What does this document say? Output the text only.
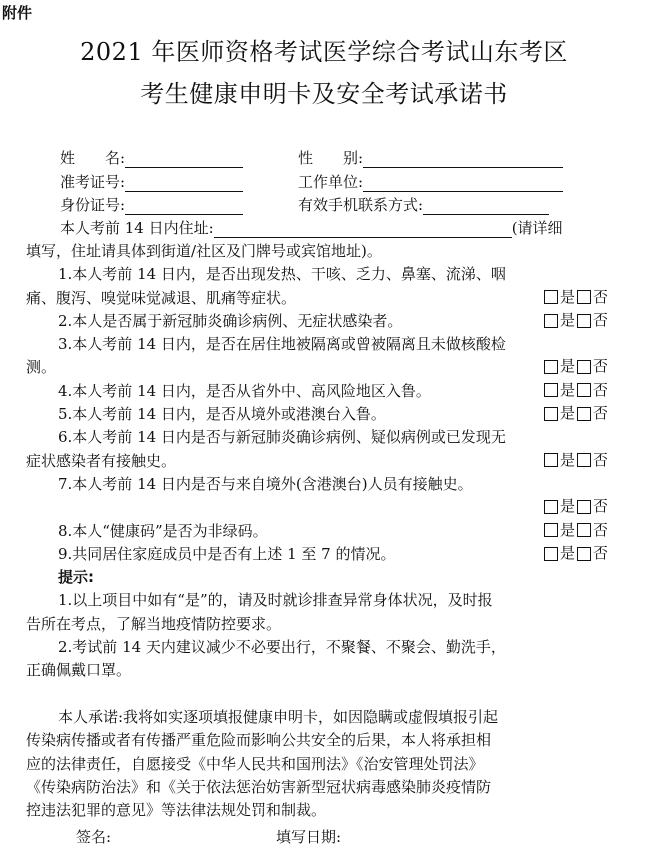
附件
2021 年医师资格考试医学综合考试山东考区
考生健康申明卡及安全考试承诺书
姓　　名:	性　　别:
准考证号:	工作单位:
身份证号:	有效手机联系方式:
本人考前 14 日内住址:	(请详细

填写，住址请具体到街道/社区及门牌号或宾馆地址)。

1.本人考前 14 日内，是否出现发热、干咳、乏力、鼻塞、流涕、咽

痛、腹泻、嗅觉味觉减退、肌痛等症状。	是 否

2.本人是否属于新冠肺炎确诊病例、无症状感染者。	是 否

3.本人考前 14 日内，是否在居住地被隔离或曾被隔离且未做核酸检

测。	是 否

4.本人考前 14 日内，是否从省外中、高风险地区入鲁。	是 否

5.本人考前 14 日内，是否从境外或港澳台入鲁。	是 否

6.本人考前 14 日内是否与新冠肺炎确诊病例、疑似病例或已发现无

症状感染者有接触史。	是 否

7.本人考前 14 日内是否与来自境外(含港澳台)人员有接触史。

是 否

8.本人“健康码”是否为非绿码。	是 否

9.共同居住家庭成员中是否有上述 1 至 7 的情况。	是 否

提示:

1.以上项目中如有“是”的，请及时就诊排查异常身体状况，及时报

告所在考点，了解当地疫情防控要求。

2.考试前 14 天内建议减少不必要出行，不聚餐、不聚会、勤洗手，

正确佩戴口罩。

本人承诺:我将如实逐项填报健康申明卡，如因隐瞒或虚假填报引起

传染病传播或者有传播严重危险而影响公共安全的后果，本人将承担相

应的法律责任，自愿接受《中华人民共和国刑法》《治安管理处罚法》

《传染病防治法》和《关于依法惩治妨害新型冠状病毒感染肺炎疫情防

控违法犯罪的意见》等法律法规处罚和制裁。

签名:	填写日期:
